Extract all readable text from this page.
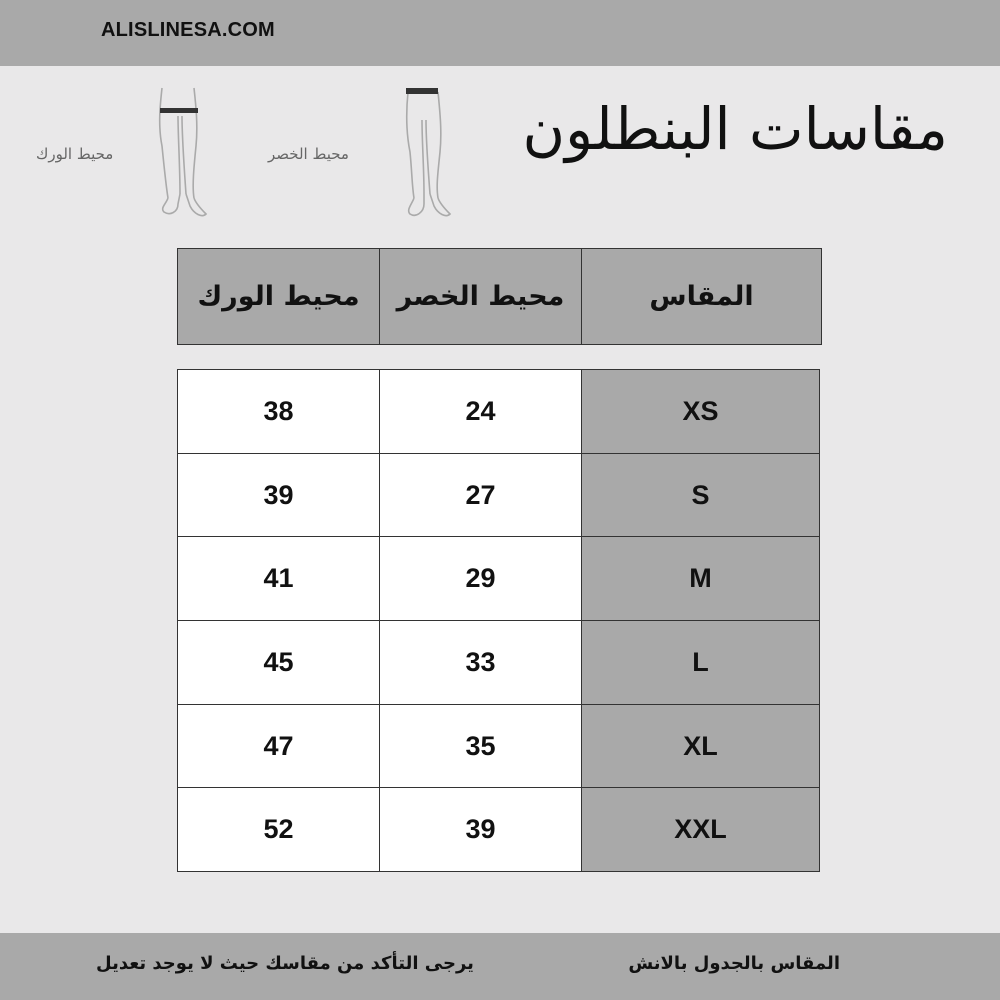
ALISLINESA.COM
مقاسات البنطلون
محيط الورك	محيط الخصر
محيط الورك	محيط الخصر	المقاس
38	24	XS
39	27	S
41	29	M
45	33	L
47	35	XL
52	39	XXL
المقاس بالجدول بالانش
يرجى التأكد من مقاسك حيث لا يوجد تعديل
